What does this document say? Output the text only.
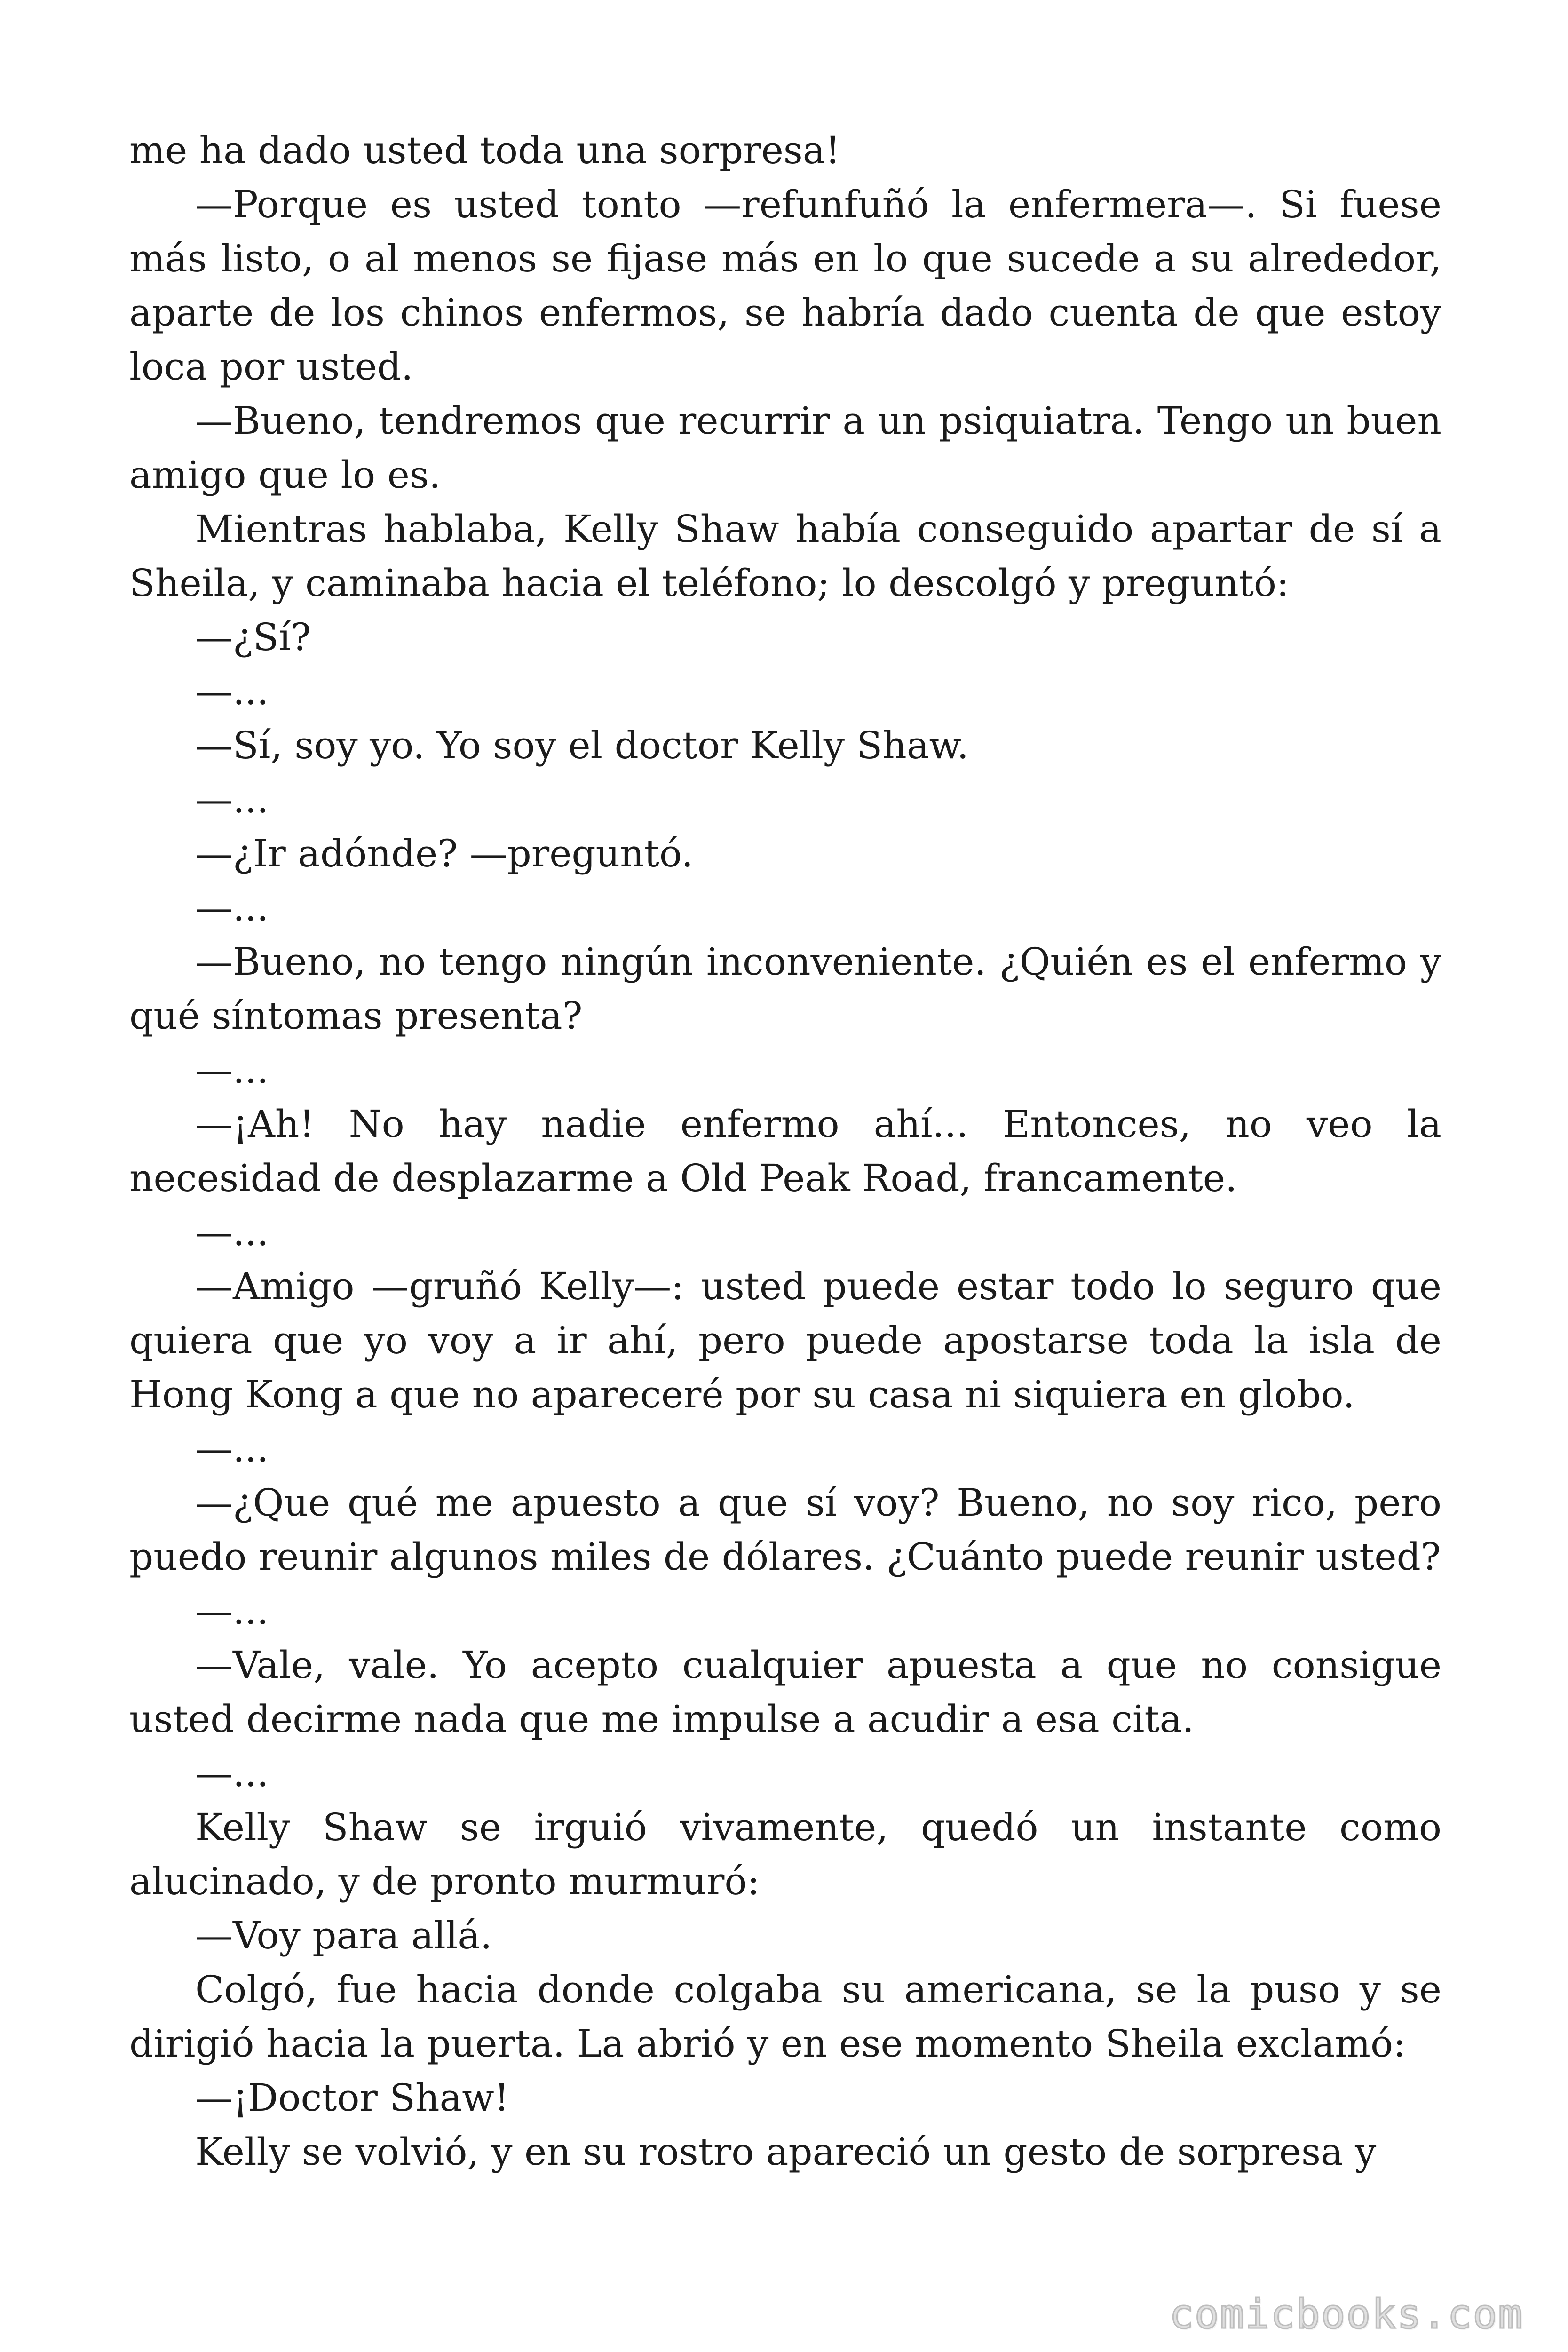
me ha dado usted toda una sorpresa!

—Porque es usted tonto —refunfuñó la enfermera—. Si fuese más listo, o al menos se fijase más en lo que sucede a su alrededor, aparte de los chinos enfermos, se habría dado cuenta de que estoy loca por usted.

—Bueno, tendremos que recurrir a un psiquiatra. Tengo un buen amigo que lo es.

Mientras hablaba, Kelly Shaw había conseguido apartar de sí a Sheila, y caminaba hacia el teléfono; lo descolgó y preguntó:

—¿Sí?

—...

—Sí, soy yo. Yo soy el doctor Kelly Shaw.

—...

—¿Ir adónde? —preguntó.

—...

—Bueno, no tengo ningún inconveniente. ¿Quién es el enfermo y qué síntomas presenta?

—...

—¡Ah! No hay nadie enfermo ahí... Entonces, no veo la necesidad de desplazarme a Old Peak Road, francamente.

—...

—Amigo —gruñó Kelly—: usted puede estar todo lo seguro que quiera que yo voy a ir ahí, pero puede apostarse toda la isla de Hong Kong a que no apareceré por su casa ni siquiera en globo.

—...

—¿Que qué me apuesto a que sí voy? Bueno, no soy rico, pero puedo reunir algunos miles de dólares. ¿Cuánto puede reunir usted?

—...

—Vale, vale. Yo acepto cualquier apuesta a que no consigue usted decirme nada que me impulse a acudir a esa cita.

—...

Kelly Shaw se irguió vivamente, quedó un instante como alucinado, y de pronto murmuró:

—Voy para allá.

Colgó, fue hacia donde colgaba su americana, se la puso y se dirigió hacia la puerta. La abrió y en ese momento Sheila exclamó:

—¡Doctor Shaw!

Kelly se volvió, y en su rostro apareció un gesto de sorpresa y

comicbooks.com
